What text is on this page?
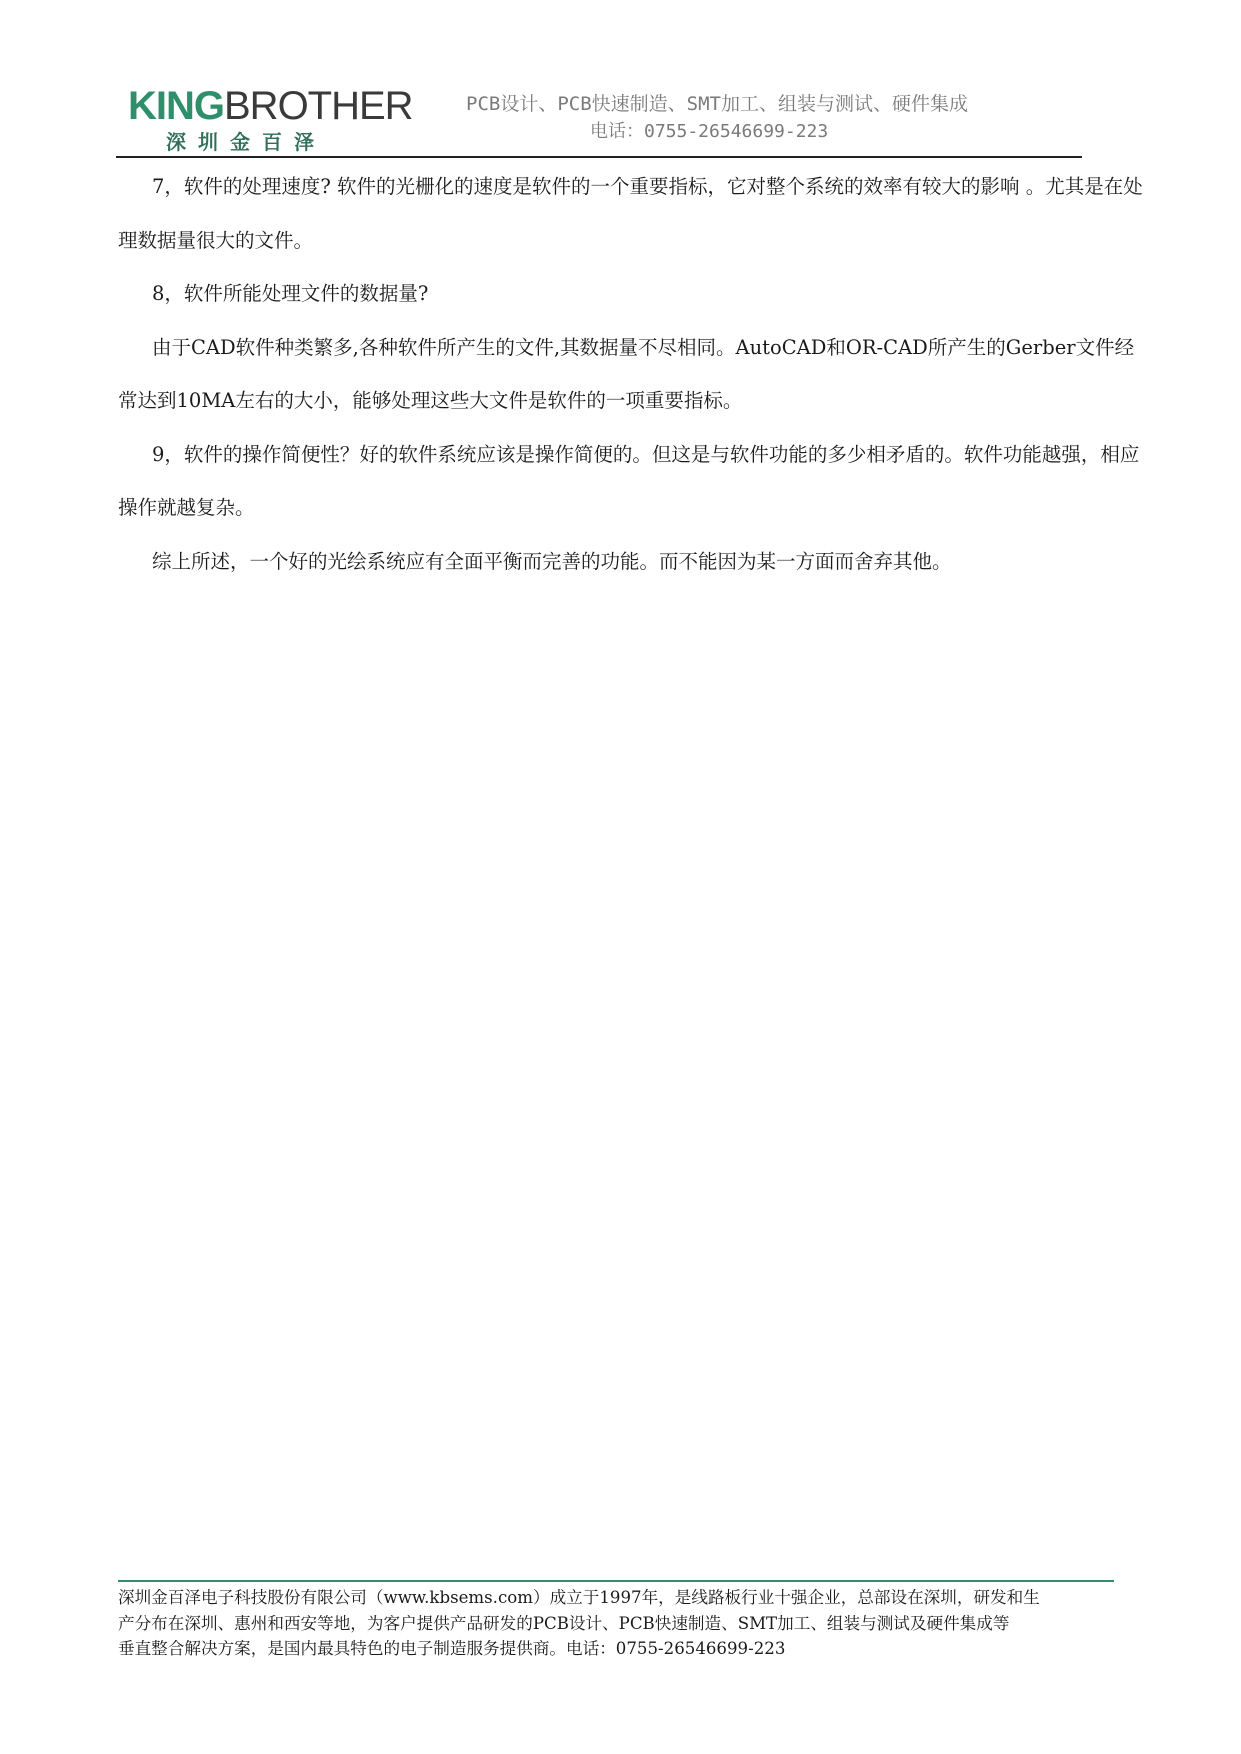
KINGBROTHER
深圳金百泽
PCB设计、PCB快速制造、SMT加工、组装与测试、硬件集成
电话：0755-26546699-223

7，软件的处理速度? 软件的光栅化的速度是软件的一个重要指标，它对整个系统的效率有较大的影响 。尤其是在处理数据量很大的文件。

8，软件所能处理文件的数据量?

由于CAD软件种类繁多,各种软件所产生的文件,其数据量不尽相同。AutoCAD和OR-CAD所产生的Gerber文件经常达到10MA左右的大小，能够处理这些大文件是软件的一项重要指标。

9，软件的操作简便性？好的软件系统应该是操作简便的。但这是与软件功能的多少相矛盾的。软件功能越强，相应操作就越复杂。

综上所述，一个好的光绘系统应有全面平衡而完善的功能。而不能因为某一方面而舍弃其他。

深圳金百泽电子科技股份有限公司（www.kbsems.com）成立于1997年，是线路板行业十强企业，总部设在深圳，研发和生

产分布在深圳、惠州和西安等地，为客户提供产品研发的PCB设计、PCB快速制造、SMT加工、组装与测试及硬件集成等

垂直整合解决方案，是国内最具特色的电子制造服务提供商。电话：0755-26546699-223
